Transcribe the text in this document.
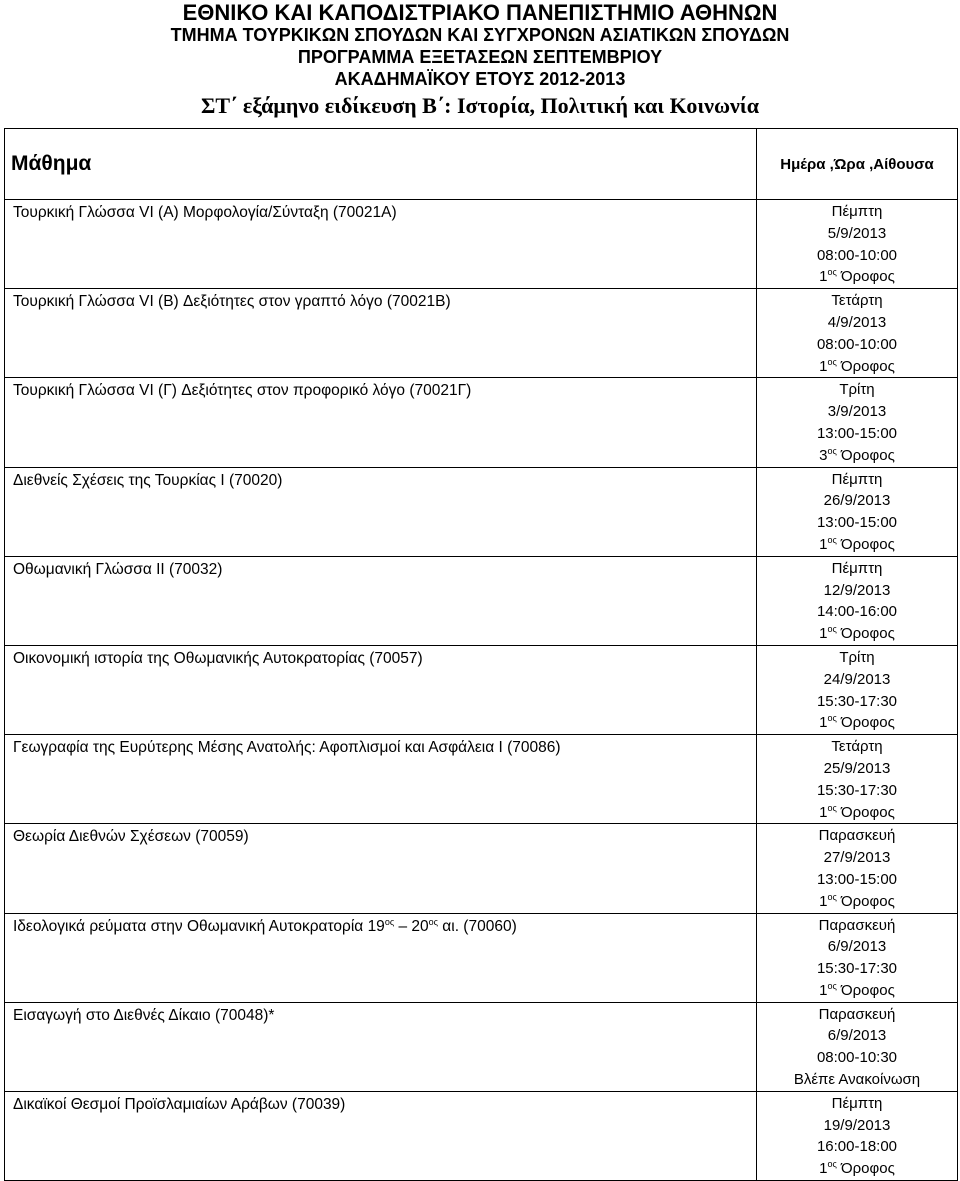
ΕΘΝΙΚΟ ΚΑΙ ΚΑΠΟΔΙΣΤΡΙΑΚΟ ΠΑΝΕΠΙΣΤΗΜΙΟ ΑΘΗΝΩΝ
ΤΜΗΜΑ ΤΟΥΡΚΙΚΩΝ ΣΠΟΥΔΩΝ ΚΑΙ ΣΥΓΧΡΟΝΩΝ ΑΣΙΑΤΙΚΩΝ ΣΠΟΥΔΩΝ
ΠΡΟΓΡΑΜΜΑ ΕΞΕΤΑΣΕΩΝ ΣΕΠΤΕΜΒΡΙΟΥ
ΑΚΑΔΗΜΑΪΚΟΥ ΕΤΟΥΣ 2012-2013
ΣΤ΄ εξάμηνο ειδίκευση Β΄: Ιστορία, Πολιτική και Κοινωνία
Μάθημα	Ημέρα ,Ώρα ,Αίθουσα
Τουρκική Γλώσσα VI (Α) Μορφολογία/Σύνταξη (70021Α)	Πέμπτη
5/9/2013
08:00-10:00
$1^{o\varsigma}$ Όροφος

Τουρκική Γλώσσα VI (Β) Δεξιότητες στον γραπτό λόγο (70021Β)	Τετάρτη
4/9/2013
08:00-10:00
$1^{o\varsigma}$ Όροφος

Τουρκική Γλώσσα VI (Γ) Δεξιότητες στον προφορικό λόγο (70021Γ)	Τρίτη
3/9/2013
13:00-15:00
$3^{o\varsigma}$ Όροφος

Διεθνείς Σχέσεις της Τουρκίας Ι (70020)	Πέμπτη
26/9/2013
13:00-15:00
$1^{o\varsigma}$ Όροφος

Οθωμανική Γλώσσα ΙΙ (70032)	Πέμπτη
12/9/2013
14:00-16:00
$1^{o\varsigma}$ Όροφος

Οικονομική ιστορία της Οθωμανικής Αυτοκρατορίας (70057)	Τρίτη
24/9/2013
15:30-17:30
$1^{o\varsigma}$ Όροφος

Γεωγραφία της Ευρύτερης Μέσης Ανατολής: Αφοπλισμοί και Ασφάλεια Ι (70086)	Τετάρτη
25/9/2013
15:30-17:30
$1^{o\varsigma}$ Όροφος

Θεωρία Διεθνών Σχέσεων (70059)	Παρασκευή
27/9/2013
13:00-15:00
$1^{o\varsigma}$ Όροφος

Ιδεολογικά ρεύματα στην Οθωμανική Αυτοκρατορία $19^{o\varsigma} - 20^{o\varsigma}$ αι. (70060)	Παρασκευή
6/9/2013
15:30-17:30
$1^{o\varsigma}$ Όροφος

Εισαγωγή στο Διεθνές Δίκαιο (70048)*	Παρασκευή
6/9/2013
08:00-10:30
Βλέπε Ανακοίνωση

Δικαϊκοί Θεσμοί Προϊσλαμιαίων Αράβων (70039)	Πέμπτη
19/9/2013
16:00-18:00
$1^{o\varsigma}$ Όροφος
